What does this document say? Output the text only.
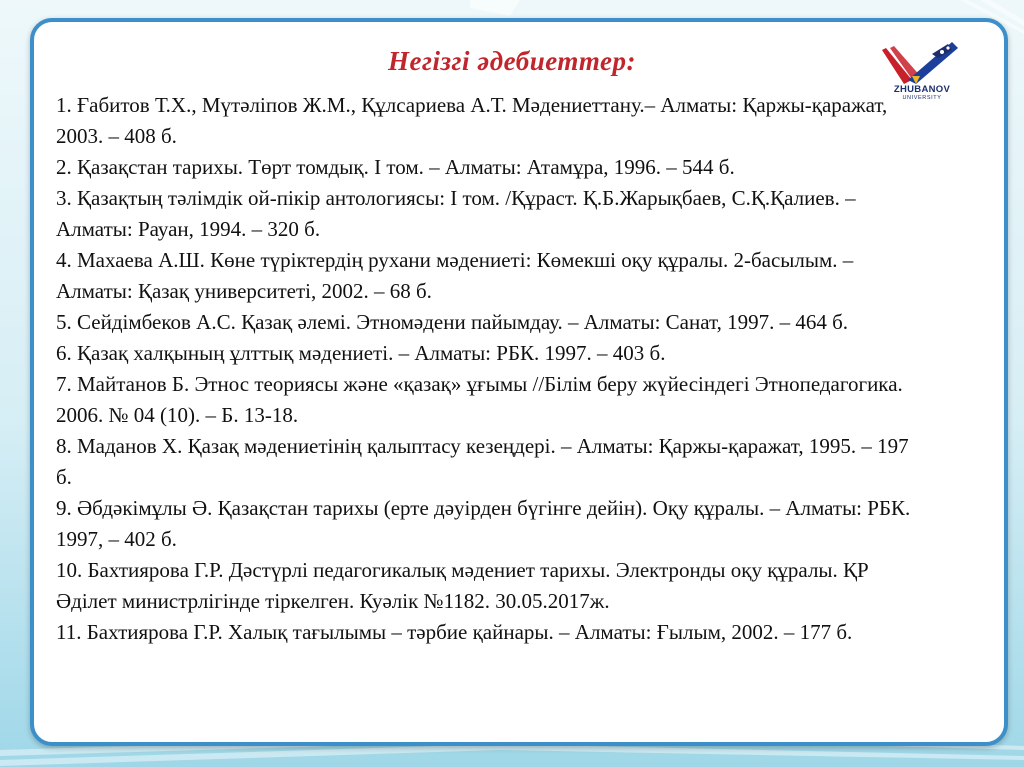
ZHUBANOV
UNIVERSITY
Негізгі әдебиеттер:

1. Ғабитов Т.Х., Мүтәліпов Ж.М., Құлсариева А.Т. Мәдениеттану.– Алматы: Қаржы-қаражат, 2003. – 408 б.

2. Қазақстан тарихы. Төрт томдық. І том. – Алматы: Атамұра, 1996. – 544 б.

3. Қазақтың тәлімдік ой-пікір антологиясы: І том. /Құраст. Қ.Б.Жарықбаев, С.Қ.Қалиев. – Алматы: Рауан, 1994. – 320 б.

4. Махаева А.Ш. Көне түріктердің рухани мәдениеті: Көмекші оқу құралы. 2-басылым. – Алматы: Қазақ университеті, 2002. – 68 б.

5. Сейдімбеков А.С. Қазақ әлемі. Этномәдени пайымдау. – Алматы: Санат, 1997. – 464 б.

6. Қазақ халқының ұлттық мәдениеті. – Алматы: РБК. 1997. – 403 б.

7. Майтанов Б. Этнос теориясы және «қазақ» ұғымы //Білім беру жүйесіндегі Этнопедагогика. 2006. № 04 (10). – Б. 13-18.

8. Маданов Х. Қазақ мәдениетінің қалыптасу кезеңдері. – Алматы: Қаржы-қаражат, 1995. – 197 б.

9. Әбдәкімұлы Ә. Қазақстан тарихы (ерте дәуірден бүгінге дейін). Оқу құралы. – Алматы: РБК. 1997, – 402 б.

10. Бахтиярова Г.Р. Дәстүрлі педагогикалық мәдениет тарихы. Электронды оқу құралы. ҚР Әділет министрлігінде тіркелген. Куәлік №1182. 30.05.2017ж.

11. Бахтиярова Г.Р. Халық тағылымы – тәрбие қайнары. – Алматы: Ғылым, 2002. – 177 б.
